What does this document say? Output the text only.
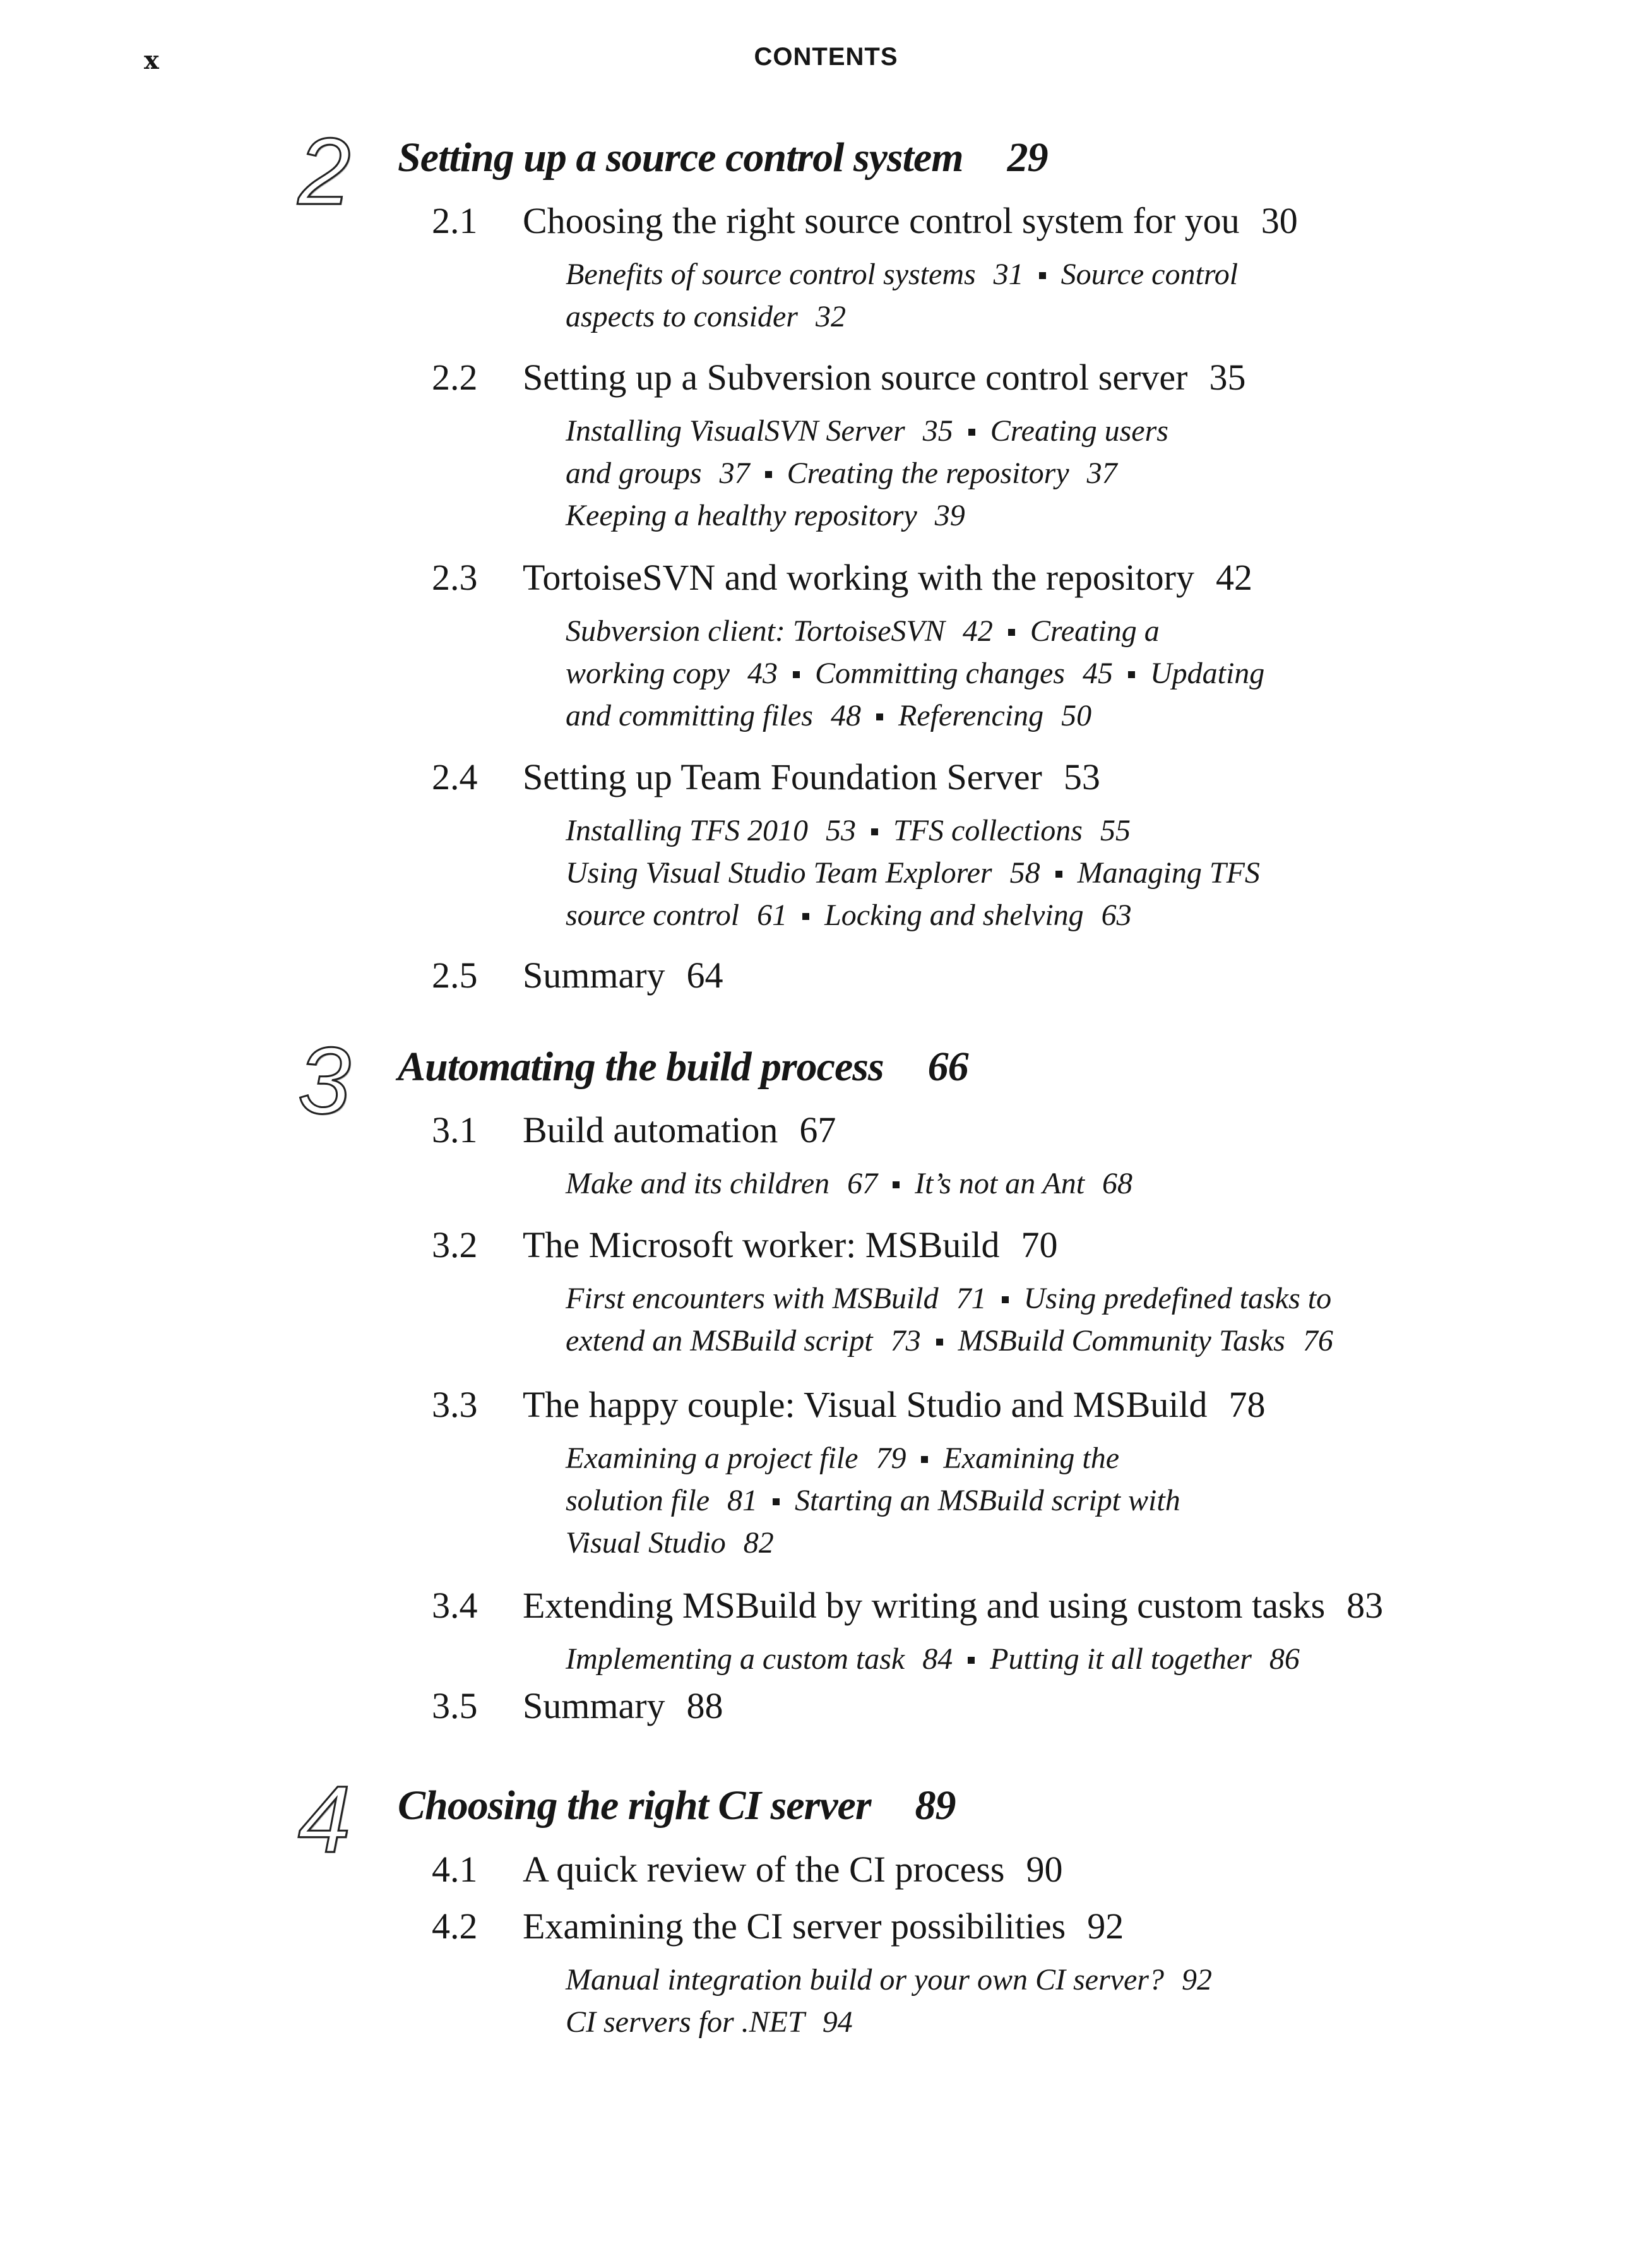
x	CONTENTS
2	Setting up a source control system 29
2.1 Choosing the right source control system for you 30
Benefits of source control systems 31 Source control
aspects to consider 32
2.2 Setting up a Subversion source control server 35
Installing VisualSVN Server 35 Creating users
and groups 37 Creating the repository 37
Keeping a healthy repository 39
2.3 TortoiseSVN and working with the repository 42
Subversion client: TortoiseSVN 42 Creating a
working copy 43 Committing changes 45 Updating
and committing files 48 Referencing 50
2.4 Setting up Team Foundation Server 53
Installing TFS 2010 53 TFS collections 55
Using Visual Studio Team Explorer 58 Managing TFS
source control 61 Locking and shelving 63
2.5 Summary 64
3	Automating the build process 66
3.1 Build automation 67
Make and its children 67 It’s not an Ant 68
3.2 The Microsoft worker: MSBuild 70
First encounters with MSBuild 71 Using predefined tasks to
extend an MSBuild script 73 MSBuild Community Tasks 76
3.3 The happy couple: Visual Studio and MSBuild 78
Examining a project file 79 Examining the
solution file 81 Starting an MSBuild script with
Visual Studio 82
3.4 Extending MSBuild by writing and using custom tasks 83
Implementing a custom task 84 Putting it all together 86
3.5 Summary 88
4	Choosing the right CI server 89
4.1 A quick review of the CI process 90
4.2 Examining the CI server possibilities 92
Manual integration build or your own CI server? 92
CI servers for .NET 94
